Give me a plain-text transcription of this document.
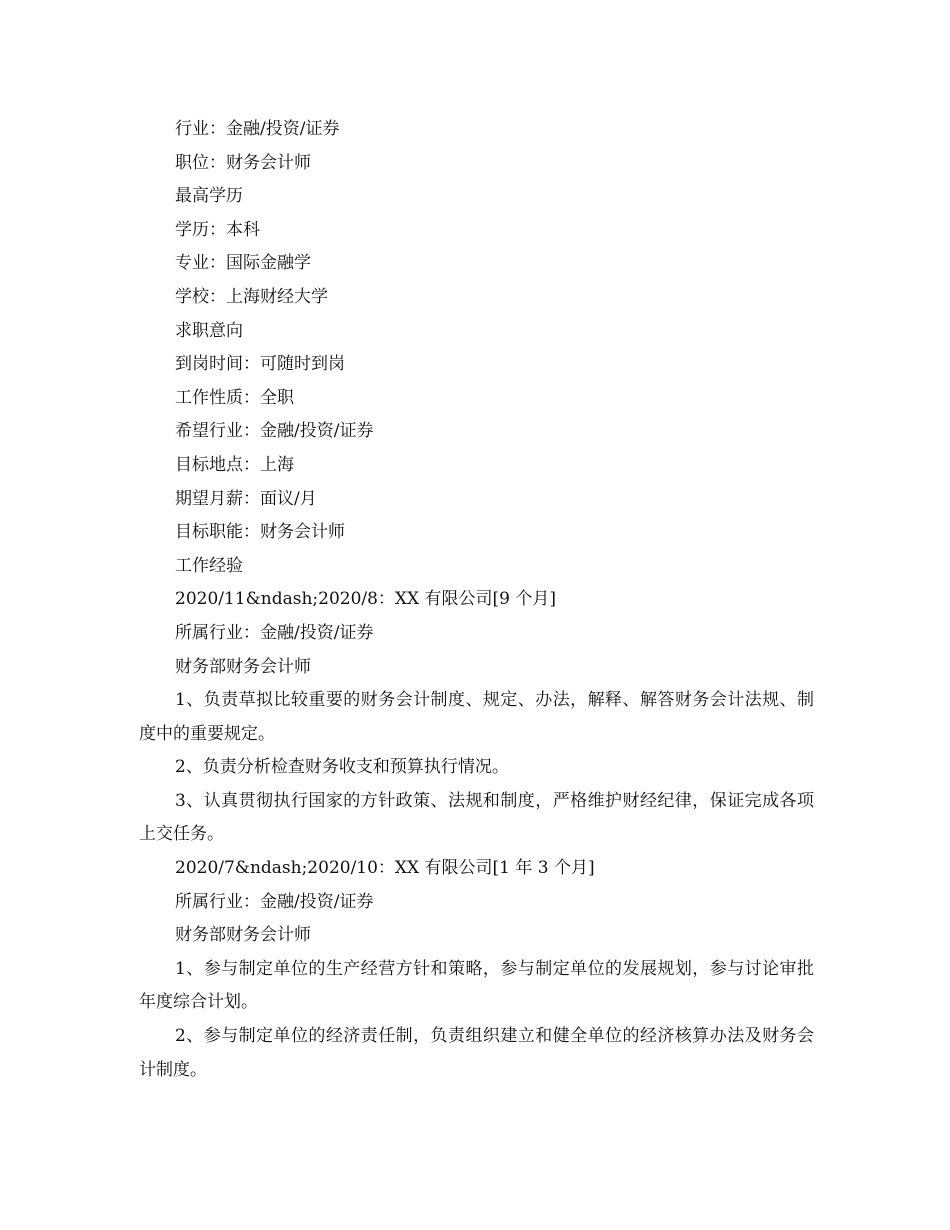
行业：金融/投资/证券

职位：财务会计师

最高学历

学历：本科

专业：国际金融学

学校：上海财经大学

求职意向

到岗时间：可随时到岗

工作性质：全职

希望行业：金融/投资/证券

目标地点：上海

期望月薪：面议/月

目标职能：财务会计师

工作经验

2020/11&ndash;2020/8：XX 有限公司[9 个月]

所属行业：金融/投资/证券

财务部财务会计师

1、负责草拟比较重要的财务会计制度、规定、办法，解释、解答财务会计法规、制度中的重要规定。

2、负责分析检查财务收支和预算执行情况。

3、认真贯彻执行国家的方针政策、法规和制度，严格维护财经纪律，保证完成各项上交任务。

2020/7&ndash;2020/10：XX 有限公司[1 年 3 个月]

所属行业：金融/投资/证券

财务部财务会计师

1、参与制定单位的生产经营方针和策略，参与制定单位的发展规划，参与讨论审批年度综合计划。

2、参与制定单位的经济责任制，负责组织建立和健全单位的经济核算办法及财务会计制度。
